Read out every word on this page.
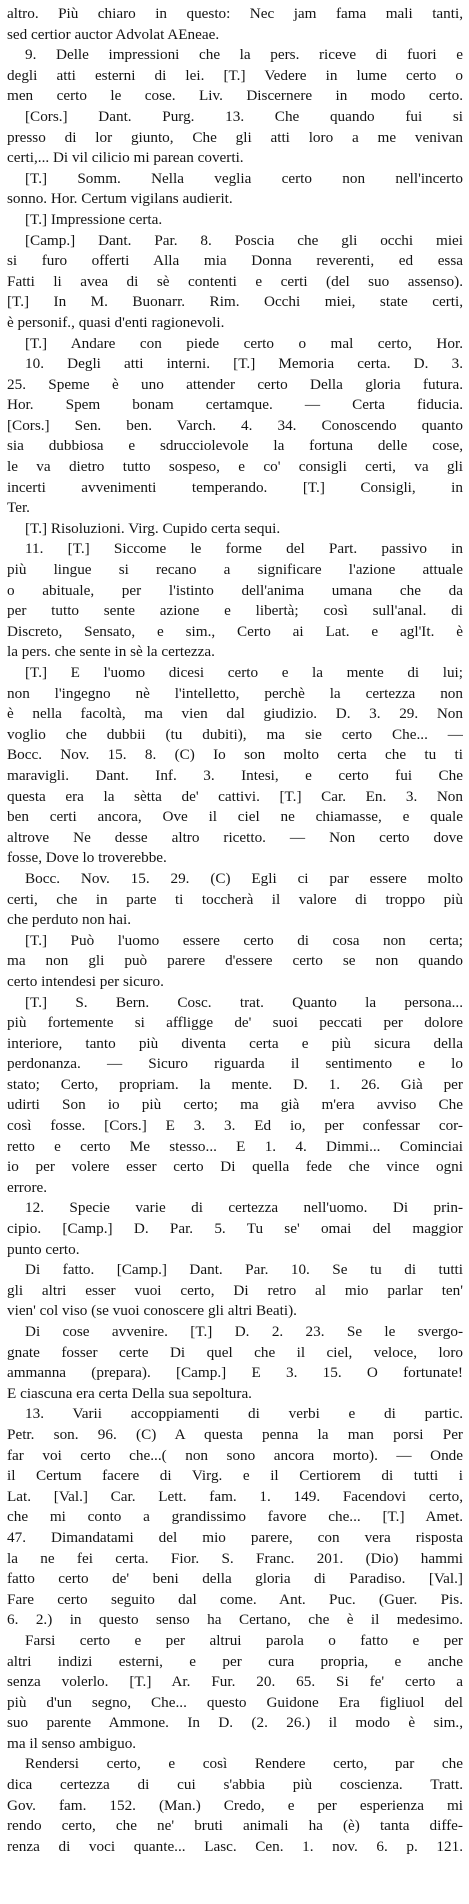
altro. Più chiaro in questo: Nec jam fama mali tanti,
sed certior auctor Advolat AEneae.
9. Delle impressioni che la pers. riceve di fuori e
degli atti esterni di lei. [T.] Vedere in lume certo o
men certo le cose. Liv. Discernere in modo certo.
[Cors.] Dant. Purg. 13. Che quando fui si
presso di lor giunto, Che gli atti loro a me venivan
certi,... Di vil cilicio mi parean coverti.
[T.] Somm. Nella veglia certo non nell'incerto
sonno. Hor. Certum vigilans audierit.
[T.] Impressione certa.
[Camp.] Dant. Par. 8. Poscia che gli occhi miei
si furo offerti Alla mia Donna reverenti, ed essa
Fatti li avea di sè contenti e certi (del suo assenso).
[T.] In M. Buonarr. Rim. Occhi miei, state certi,
è personif., quasi d'enti ragionevoli.
[T.] Andare con piede certo o mal certo, Hor.
10. Degli atti interni. [T.] Memoria certa. D. 3.
25. Speme è uno attender certo Della gloria futura.
Hor. Spem bonam certamque. — Certa fiducia.
[Cors.] Sen. ben. Varch. 4. 34. Conoscendo quanto
sia dubbiosa e sdrucciolevole la fortuna delle cose,
le va dietro tutto sospeso, e co' consigli certi, va gli
incerti avvenimenti temperando. [T.] Consigli, in
Ter.
[T.] Risoluzioni. Virg. Cupido certa sequi.
11. [T.] Siccome le forme del Part. passivo in
più lingue si recano a significare l'azione attuale
o abituale, per l'istinto dell'anima umana che da
per tutto sente azione e libertà; così sull'anal. di
Discreto, Sensato, e sim., Certo ai Lat. e agl'It. è
la pers. che sente in sè la certezza.
[T.] E l'uomo dicesi certo e la mente di lui;
non l'ingegno nè l'intelletto, perchè la certezza non
è nella facoltà, ma vien dal giudizio. D. 3. 29. Non
voglio che dubbii (tu dubiti), ma sie certo Che... —
Bocc. Nov. 15. 8. (C) Io son molto certa che tu ti
maravigli. Dant. Inf. 3. Intesi, e certo fui Che
questa era la sètta de' cattivi. [T.] Car. En. 3. Non
ben certi ancora, Ove il ciel ne chiamasse, e quale
altrove Ne desse altro ricetto. — Non certo dove
fosse, Dove lo troverebbe.
Bocc. Nov. 15. 29. (C) Egli ci par essere molto
certi, che in parte ti toccherà il valore di troppo più
che perduto non hai.
[T.] Può l'uomo essere certo di cosa non certa;
ma non gli può parere d'essere certo se non quando
certo intendesi per sicuro.
[T.] S. Bern. Cosc. trat. Quanto la persona...
più fortemente si affligge de' suoi peccati per dolore
interiore, tanto più diventa certa e più sicura della
perdonanza. — Sicuro riguarda il sentimento e lo
stato; Certo, propriam. la mente. D. 1. 26. Già per
udirti Son io più certo; ma già m'era avviso Che
così fosse. [Cors.] E 3. 3. Ed io, per confessar cor-
retto e certo Me stesso... E 1. 4. Dimmi... Cominciai
io per volere esser certo Di quella fede che vince ogni
errore.
12. Specie varie di certezza nell'uomo. Di prin-
cipio. [Camp.] D. Par. 5. Tu se' omai del maggior
punto certo.
Di fatto. [Camp.] Dant. Par. 10. Se tu di tutti
gli altri esser vuoi certo, Di retro al mio parlar ten'
vien' col viso (se vuoi conoscere gli altri Beati).
Di cose avvenire. [T.] D. 2. 23. Se le svergo-
gnate fosser certe Di quel che il ciel, veloce, loro
ammanna (prepara). [Camp.] E 3. 15. O fortunate!
E ciascuna era certa Della sua sepoltura.
13. Varii accoppiamenti di verbi e di partic.
Petr. son. 96. (C) A questa penna la man porsi Per
far voi certo che...( non sono ancora morto). — Onde
il Certum facere di Virg. e il Certiorem di tutti i
Lat. [Val.] Car. Lett. fam. 1. 149. Facendovi certo,
che mi conto a grandissimo favore che... [T.] Amet.
47. Dimandatami del mio parere, con vera risposta
la ne fei certa. Fior. S. Franc. 201. (Dio) hammi
fatto certo de' beni della gloria di Paradiso. [Val.]
Fare certo seguito dal come. Ant. Puc. (Guer. Pis.
6. 2.) in questo senso ha Certano, che è il medesimo.
Farsi certo e per altrui parola o fatto e per
altri indizi esterni, e per cura propria, e anche
senza volerlo. [T.] Ar. Fur. 20. 65. Si fe' certo a
più d'un segno, Che... questo Guidone Era figliuol del
suo parente Ammone. In D. (2. 26.) il modo è sim.,
ma il senso ambiguo.
Rendersi certo, e così Rendere certo, par che
dica certezza di cui s'abbia più coscienza. Tratt.
Gov. fam. 152. (Man.) Credo, e per esperienza mi
rendo certo, che ne' bruti animali ha (è) tanta diffe-
renza di voci quante... Lasc. Cen. 1. nov. 6. p. 121.
